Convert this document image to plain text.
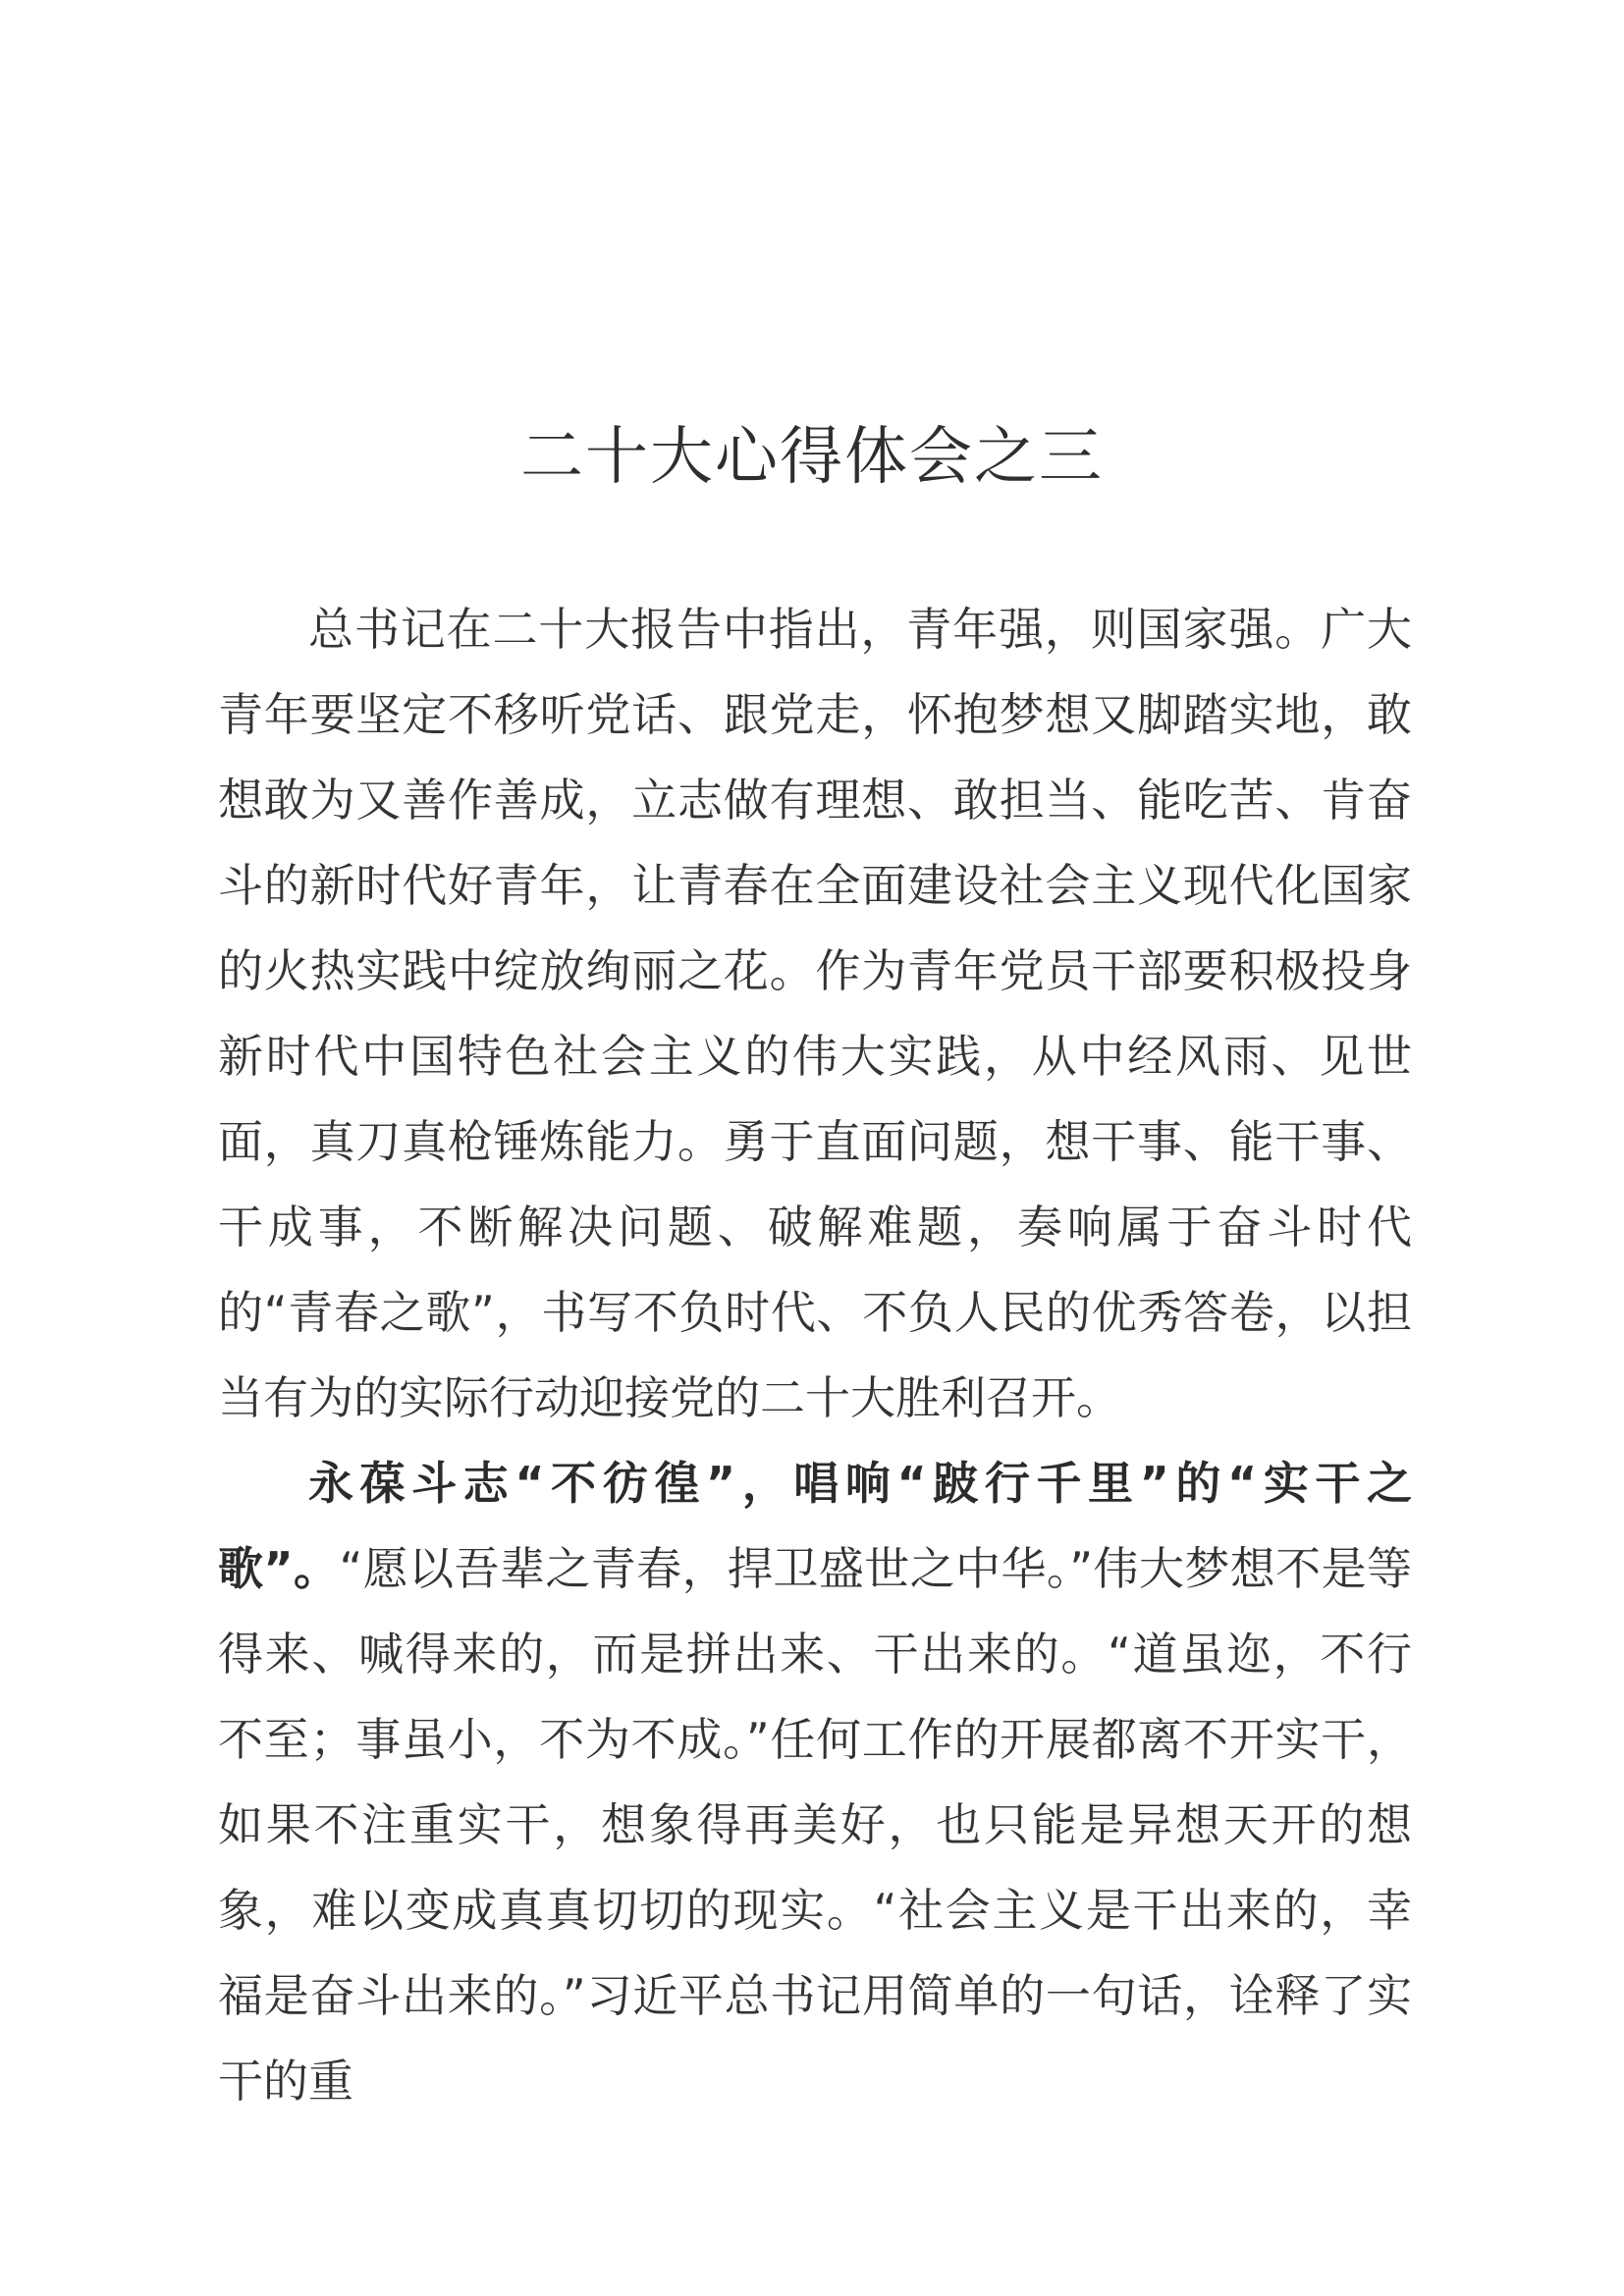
二十大心得体会之三

总书记在二十大报告中指出，青年强，则国家强。广大青年要坚定不移听党话、跟党走，怀抱梦想又脚踏实地，敢想敢为又善作善成，立志做有理想、敢担当、能吃苦、肯奋斗的新时代好青年，让青春在全面建设社会主义现代化国家的火热实践中绽放绚丽之花。作为青年党员干部要积极投身新时代中国特色社会主义的伟大实践，从中经风雨、见世面，真刀真枪锤炼能力。勇于直面问题，想干事、能干事、干成事，不断解决问题、破解难题，奏响属于奋斗时代的“青春之歌”，书写不负时代、不负人民的优秀答卷，以担当有为的实际行动迎接党的二十大胜利召开。

永葆斗志“不彷徨”，唱响“跛行千里”的“实干之歌”。“愿以吾辈之青春，捍卫盛世之中华。”伟大梦想不是等得来、喊得来的，而是拼出来、干出来的。“道虽迩，不行不至；事虽小，不为不成。”任何工作的开展都离不开实干，如果不注重实干，想象得再美好，也只能是异想天开的想象，难以变成真真切切的现实。“社会主义是干出来的，幸福是奋斗出来的。”习近平总书记用简单的一句话，诠释了实干的重
